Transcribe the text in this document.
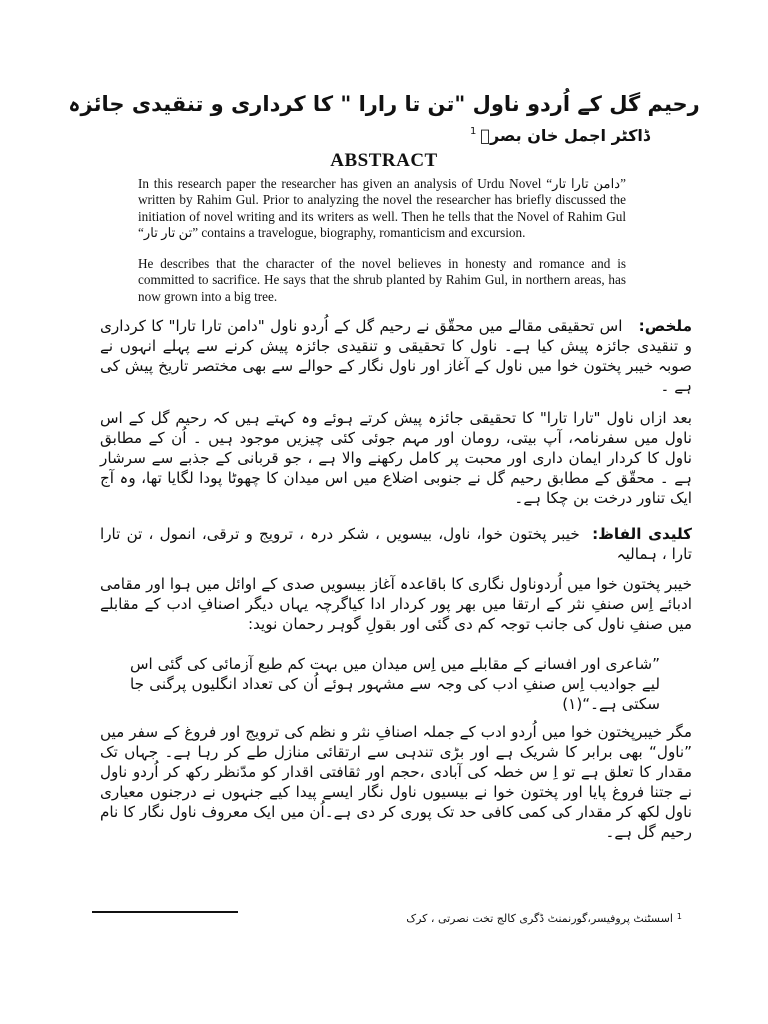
رحیم گل کے اُردو ناول "تن تا رارا " کا کرداری و تنقیدی جائزہ
ڈاکٹر اجمل خان بصرؔ
1
ABSTRACT

In this research paper the researcher has given an analysis of Urdu Novel “دامن تارا تار” written by Rahim Gul. Prior to analyzing the novel the researcher has briefly discussed the initiation of novel writing and its writers as well. Then he tells that the Novel of Rahim Gul “تن تار تار” contains a travelogue, biography, romanticism and excursion.

He describes that the character of the novel believes in honesty and romance and is committed to sacrifice. He says that the shrub planted by Rahim Gul, in northern areas, has now grown into a big tree.

ملخص:   اس تحقیقی مقالے میں محقّق نے رحیم گل کے اُردو ناول "دامن تارا تارا" کا کرداری و تنقیدی جائزہ پیش کیا ہے۔ ناول کا تحقیقی و تنقیدی جائزہ پیش کرنے سے پہلے انہوں نے صوبہ خیبر پختون خوا میں ناول کے آغاز اور ناول نگار کے حوالے سے بھی مختصر تاریخ پیش کی ہے ۔

بعد ازاں ناول "تارا تارا" کا تحقیقی جائزہ پیش کرتے ہوئے وہ کہتے ہیں کہ رحیم گل کے اس ناول میں سفرنامہ، آپ بیتی، رومان اور مہم جوئی کئی چیزیں موجود ہیں ۔ اُن کے مطابق ناول کا کردار ایمان داری اور محبت پر کامل رکھنے والا ہے ، جو قربانی کے جذبے سے سرشار ہے ۔ محقّق کے مطابق رحیم گل نے جنوبی اضلاع میں اس میدان کا چھوٹا پودا لگایا تھا، وہ آج ایک تناور درخت بن چکا ہے۔

کلیدی الفاظ:  خیبر پختون خوا، ناول، بیسویں ، شکر درہ ، ترویج و ترقی، انمول ، تن تارا تارا ، ہمالیہ

خیبر پختون خوا میں اُردوناول نگاری کا باقاعدہ آغاز بیسویں صدی کے اوائل میں ہوا اور مقامی ادبائے اِس صنفِ نثر کے ارتقا میں بھر پور کردار ادا کیاگرچہ یہاں دیگر اصنافِ ادب کے مقابلے میں صنفِ ناول کی جانب توجہ کم دی گئی اور بقولِ گوہر رحمان نوید:

”شاعری اور افسانے کے مقابلے میں اِس میدان میں بہت کم طبع آزمائی کی گئی اس لیے جوادیب اِس صنفِ ادب کی وجہ سے مشہور ہوئے اُن کی تعداد انگلیوں پرگنی جا سکتی ہے۔“(۱)

مگر خیبرپختون خوا میں اُردو ادب کے جملہ اصنافِ نثر و نظم کی ترویج اور فروغ کے سفر میں ”ناول“ بھی برابر کا شریک ہے اور بڑی تندہی سے ارتقائی منازل طے کر رہا ہے۔ جہاں تک مقدار کا تعلق ہے تو اِ س خطہ کی آبادی ،حجم اور ثقافتی اقدار کو مدّنظر رکھ کر اُردو ناول نے جتنا فروغ پایا اور پختون خوا نے بیسیوں ناول نگار ایسے پیدا کیے جنہوں نے درجنوں معیاری ناول لکھ کر مقدار کی کمی کافی حد تک پوری کر دی ہے۔اُن میں ایک معروف ناول نگار کا نام رحیم گل ہے۔

1
اسسٹنٹ پروفیسر،گورنمنٹ ڈگری کالج تخت نصرتی ، کرک
